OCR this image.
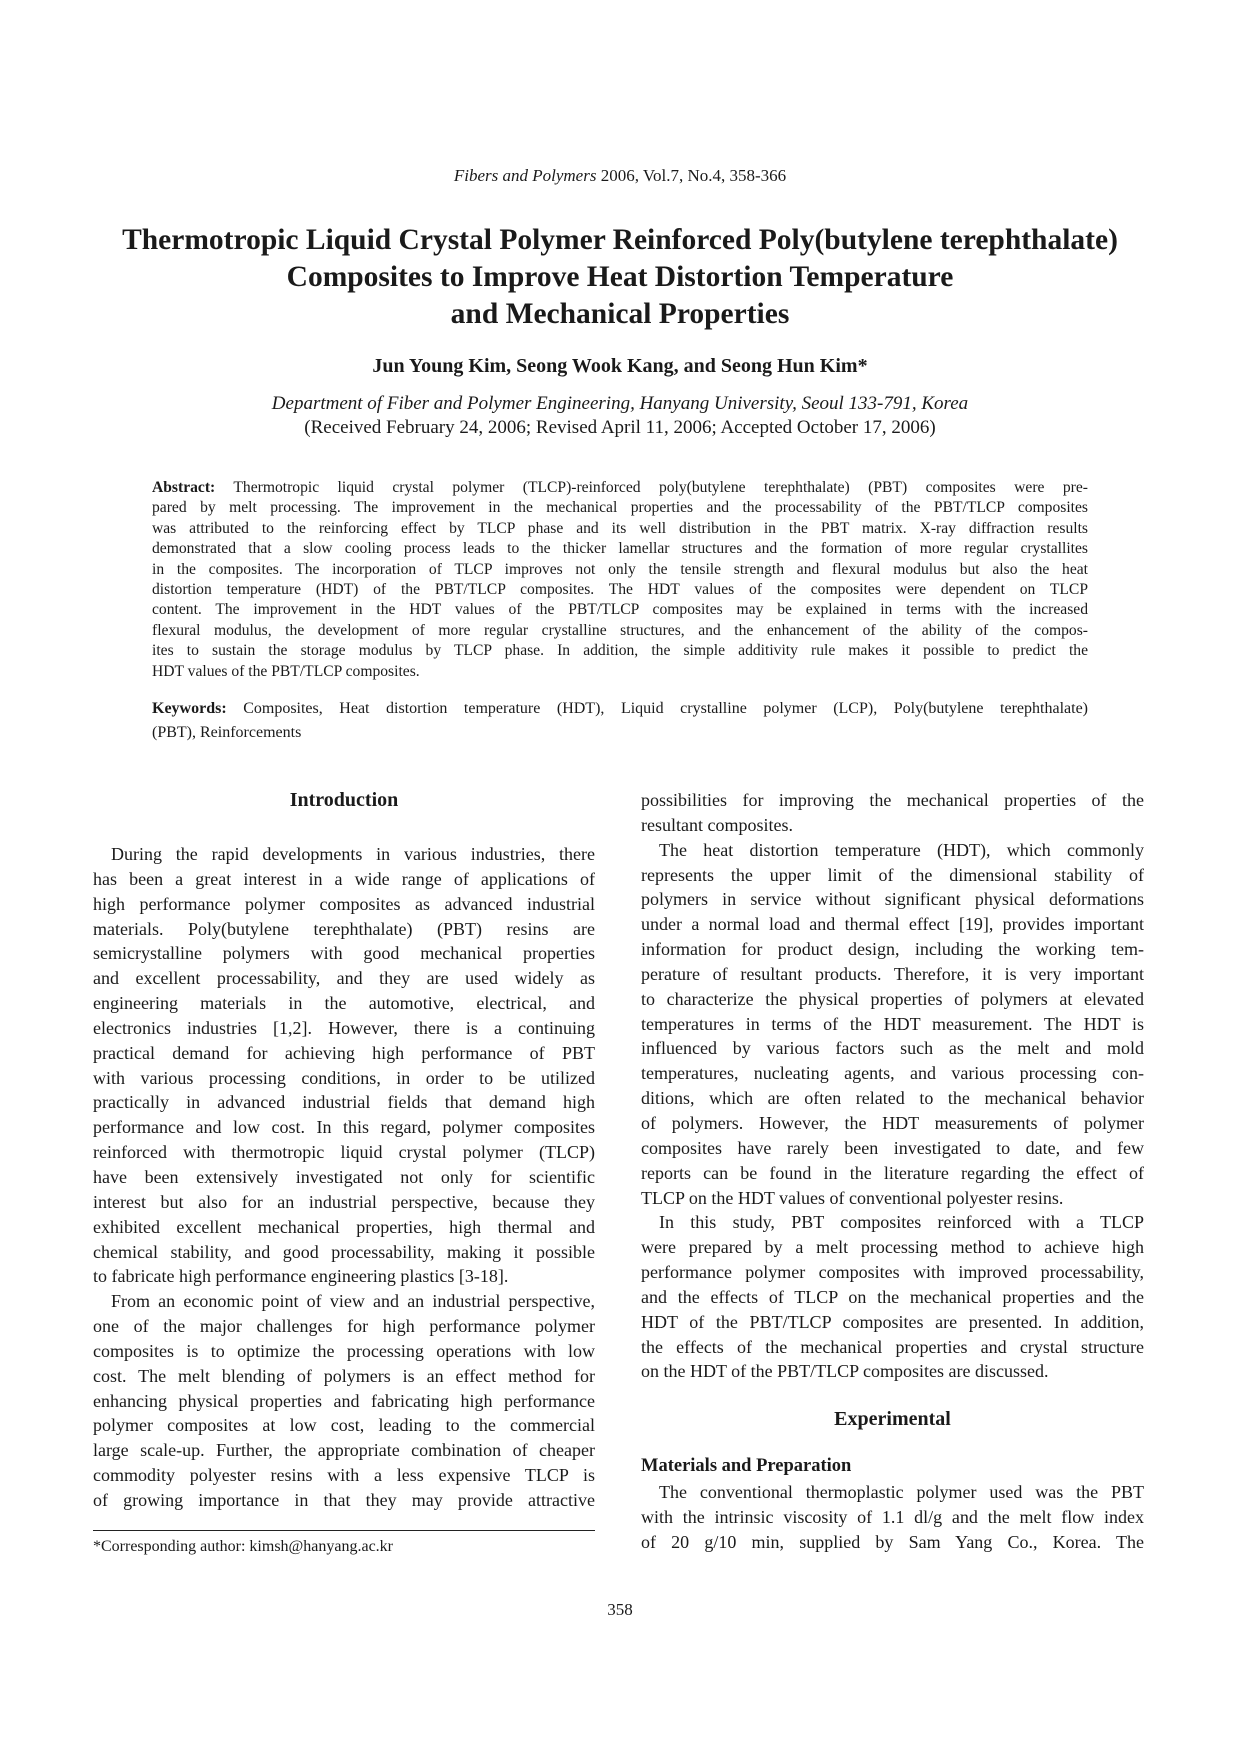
Fibers and Polymers 2006, Vol.7, No.4, 358-366
Thermotropic Liquid Crystal Polymer Reinforced Poly(butylene terephthalate)
Composites to Improve Heat Distortion Temperature
and Mechanical Properties
Jun Young Kim, Seong Wook Kang, and Seong Hun Kim*
Department of Fiber and Polymer Engineering, Hanyang University, Seoul 133-791, Korea
(Received February 24, 2006; Revised April 11, 2006; Accepted October 17, 2006)
Abstract: Thermotropic liquid crystal polymer (TLCP)-reinforced poly(butylene terephthalate) (PBT) composites were pre-
pared by melt processing. The improvement in the mechanical properties and the processability of the PBT/TLCP composites
was attributed to the reinforcing effect by TLCP phase and its well distribution in the PBT matrix. X-ray diffraction results
demonstrated that a slow cooling process leads to the thicker lamellar structures and the formation of more regular crystallites
in the composites. The incorporation of TLCP improves not only the tensile strength and flexural modulus but also the heat
distortion temperature (HDT) of the PBT/TLCP composites. The HDT values of the composites were dependent on TLCP
content. The improvement in the HDT values of the PBT/TLCP composites may be explained in terms with the increased
flexural modulus, the development of more regular crystalline structures, and the enhancement of the ability of the compos-
ites to sustain the storage modulus by TLCP phase. In addition, the simple additivity rule makes it possible to predict the
HDT values of the PBT/TLCP composites.
Keywords: Composites, Heat distortion temperature (HDT), Liquid crystalline polymer (LCP), Poly(butylene terephthalate)
(PBT), Reinforcements
Introduction
During the rapid developments in various industries, there
has been a great interest in a wide range of applications of
high performance polymer composites as advanced industrial
materials. Poly(butylene terephthalate) (PBT) resins are
semicrystalline polymers with good mechanical properties
and excellent processability, and they are used widely as
engineering materials in the automotive, electrical, and
electronics industries [1,2]. However, there is a continuing
practical demand for achieving high performance of PBT
with various processing conditions, in order to be utilized
practically in advanced industrial fields that demand high
performance and low cost. In this regard, polymer composites
reinforced with thermotropic liquid crystal polymer (TLCP)
have been extensively investigated not only for scientific
interest but also for an industrial perspective, because they
exhibited excellent mechanical properties, high thermal and
chemical stability, and good processability, making it possible
to fabricate high performance engineering plastics [3-18].
From an economic point of view and an industrial perspective,
one of the major challenges for high performance polymer
composites is to optimize the processing operations with low
cost. The melt blending of polymers is an effect method for
enhancing physical properties and fabricating high performance
polymer composites at low cost, leading to the commercial
large scale-up. Further, the appropriate combination of cheaper
commodity polyester resins with a less expensive TLCP is
of growing importance in that they may provide attractive
possibilities for improving the mechanical properties of the
resultant composites.
The heat distortion temperature (HDT), which commonly
represents the upper limit of the dimensional stability of
polymers in service without significant physical deformations
under a normal load and thermal effect [19], provides important
information for product design, including the working tem-
perature of resultant products. Therefore, it is very important
to characterize the physical properties of polymers at elevated
temperatures in terms of the HDT measurement. The HDT is
influenced by various factors such as the melt and mold
temperatures, nucleating agents, and various processing con-
ditions, which are often related to the mechanical behavior
of polymers. However, the HDT measurements of polymer
composites have rarely been investigated to date, and few
reports can be found in the literature regarding the effect of
TLCP on the HDT values of conventional polyester resins.
In this study, PBT composites reinforced with a TLCP
were prepared by a melt processing method to achieve high
performance polymer composites with improved processability,
and the effects of TLCP on the mechanical properties and the
HDT of the PBT/TLCP composites are presented. In addition,
the effects of the mechanical properties and crystal structure
on the HDT of the PBT/TLCP composites are discussed.
Experimental
Materials and Preparation
The conventional thermoplastic polymer used was the PBT
with the intrinsic viscosity of 1.1 dl/g and the melt flow index
of 20 g/10 min, supplied by Sam Yang Co., Korea. The
*Corresponding author: kimsh@hanyang.ac.kr
358
